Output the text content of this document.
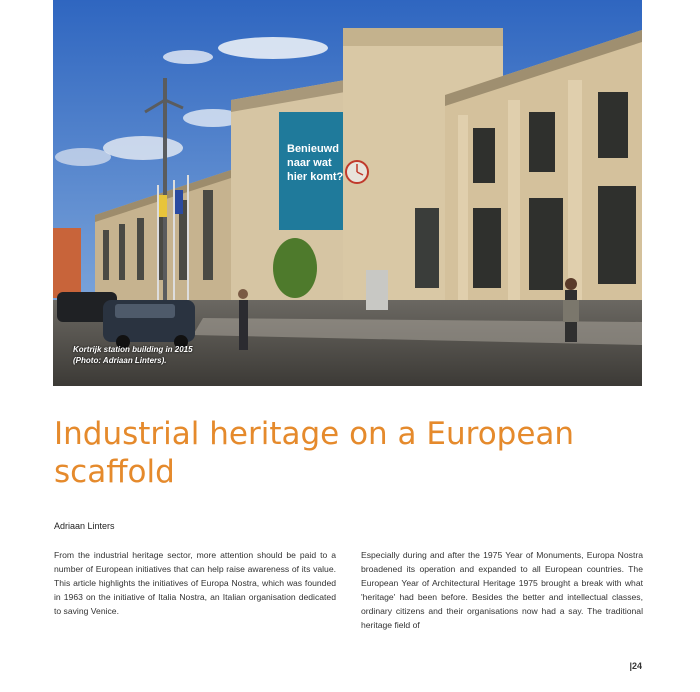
Benieuwd
naar wat
hier komt?
Kortrijk station building in 2015
(Photo: Adriaan Linters).
Industrial heritage on a European
scaffold
Adriaan Linters
From the industrial heritage sector, more attention should be paid to a number of European initiatives that can help raise awareness of its value. This article highlights the initiatives of Europa Nostra, which was founded in 1963 on the initiative of Italia Nostra, an Italian organisation dedicated to saving Venice.
Especially during and after the 1975 Year of Monuments, Europa Nostra broadened its operation and expanded to all European countries. The European Year of Architectural Heritage 1975 brought a break with what 'heritage' had been before. Besides the better and intellectual classes, ordinary citizens and their organisations now had a say. The traditional heritage field of
|24
